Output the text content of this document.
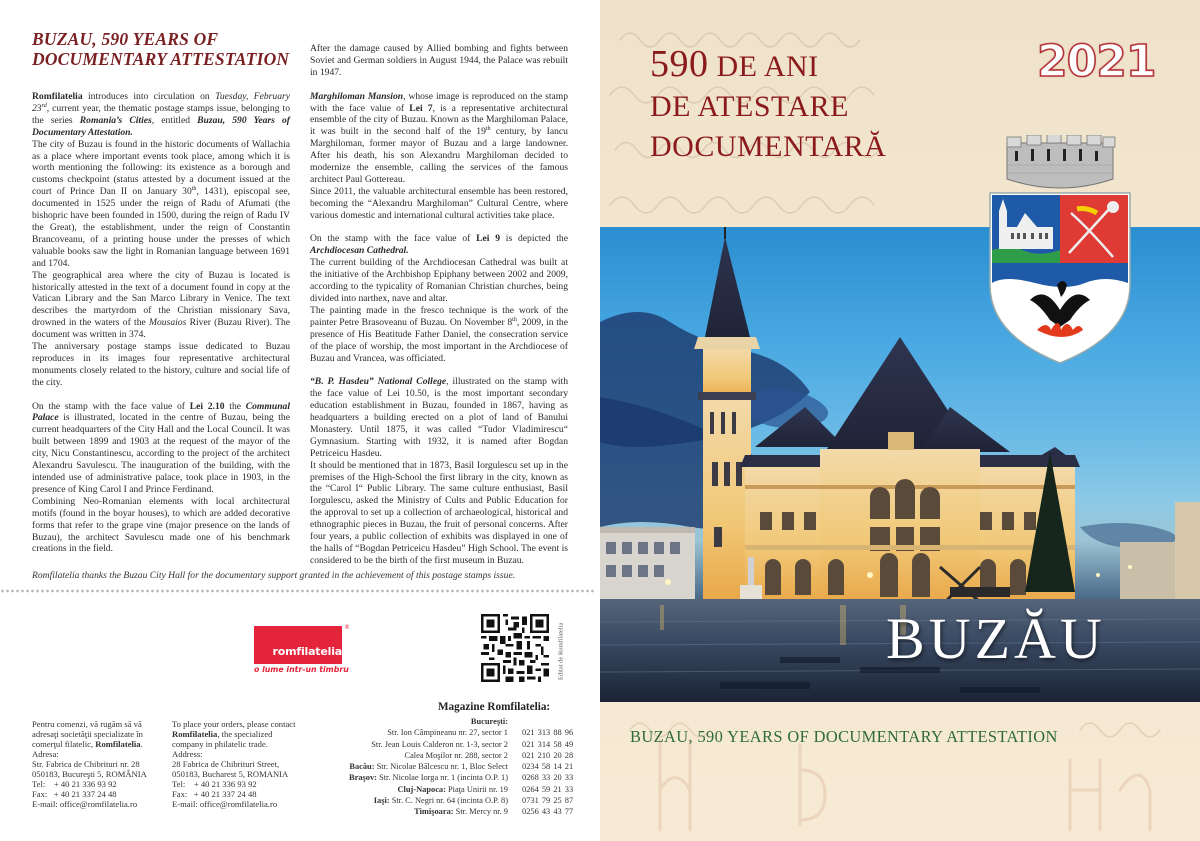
BUZAU, 590 YEARS OF DOCUMENTARY ATTESTATION

Romfilatelia introduces into circulation on Tuesday, February 23rd, current year, the thematic postage stamps issue, belonging to the series Romania’s Cities, entitled Buzau, 590 Years of Documentary Attestation.

The city of Buzau is found in the historic documents of Wallachia as a place where important events took place, among which it is worth mentioning the following: its existence as a borough and customs checkpoint (status attested by a document issued at the court of Prince Dan II on January 30th, 1431), episcopal see, documented in 1525 under the reign of Radu of Afumati (the bishopric have been founded in 1500, during the reign of Radu IV the Great), the establishment, under the reign of Constantin Brancoveanu, of a printing house under the presses of which valuable books saw the light in Romanian language between 1691 and 1704.

The geographical area where the city of Buzau is located is historically attested in the text of a document found in copy at the Vatican Library and the San Marco Library in Venice. The text describes the martyrdom of the Christian missionary Sava, drowned in the waters of the Mousaios River (Buzau River). The document was written in 374.

The anniversary postage stamps issue dedicated to Buzau reproduces in its images four representative architectural monuments closely related to the history, culture and social life of the city.

On the stamp with the face value of Lei 2.10 the Communal Palace is illustrated, located in the centre of Buzau, being the current headquarters of the City Hall and the Local Council. It was built between 1899 and 1903 at the request of the mayor of the city, Nicu Constantinescu, according to the project of the architect Alexandru Savulescu. The inauguration of the building, with the intended use of administrative palace, took place in 1903, in the presence of King Carol I and Prince Ferdinand.

Combining Neo-Romanian elements with local architectural motifs (found in the boyar houses), to which are added decorative forms that refer to the grape vine (major presence on the lands of Buzau), the architect Savulescu made one of his benchmark creations in the field.

After the damage caused by Allied bombing and fights between Soviet and German soldiers in August 1944, the Palace was rebuilt in 1947.

Marghiloman Mansion, whose image is reproduced on the stamp with the face value of Lei 7, is a representative architectural ensemble of the city of Buzau. Known as the Marghiloman Palace, it was built in the second half of the 19th century, by Iancu Marghiloman, former mayor of Buzau and a large landowner. After his death, his son Alexandru Marghiloman decided to modernize the ensemble, calling the services of the famous architect Paul Gottereau.

Since 2011, the valuable architectural ensemble has been restored, becoming the “Alexandru Marghiloman” Cultural Centre, where various domestic and international cultural activities take place.

On the stamp with the face value of Lei 9 is depicted the Archdiocesan Cathedral.

The current building of the Archdiocesan Cathedral was built at the initiative of the Archbishop Epiphany between 2002 and 2009, according to the typicality of Romanian Christian churches, being divided into narthex, nave and altar.

The painting made in the fresco technique is the work of the painter Petre Brasoveanu of Buzau. On November 8th, 2009, in the presence of His Beatitude Father Daniel, the consecration service of the place of worship, the most important in the Archdiocese of Buzau and Vrancea, was officiated.

“B. P. Hasdeu” National College, illustrated on the stamp with the face value of Lei 10.50, is the most important secondary education establishment in Buzau, founded in 1867, having as headquarters a building erected on a plot of land of Banului Monastery. Until 1875, it was called “Tudor Vladimirescu“ Gymnasium. Starting with 1932, it is named after Bogdan Petriceicu Hasdeu.

It should be mentioned that in 1873, Basil Iorgulescu set up in the premises of the High-School the first library in the city, known as the “Carol I“ Public Library. The same culture enthusiast, Basil Iorgulescu, asked the Ministry of Cults and Public Education for the approval to set up a collection of archaeological, historical and ethnographic pieces in Buzau, the fruit of personal concerns. After four years, a public collection of exhibits was displayed in one of the halls of “Bogdan Petriceicu Hasdeu” High School. The event is considered to be the birth of the first museum in Buzau.

Romfilatelia thanks the Buzau City Hall for the documentary support granted in the achievement of this postage stamps issue.
romfilatelia
®
o lume intr-un timbru	Editat de Romfilatelia
Pentru comenzi, vă rugăm să vă
adresaţi societăţii specializate în
comerţul filatelic, Romfilatelia.
Adresa:
Str. Fabrica de Chibrituri nr. 28
050183, Bucureşti 5, ROMÂNIA
Tel:    + 40 21 336 93 92
Fax:   + 40 21 337 24 48
E-mail: office@romfilatelia.ro
To place your orders, please contact
Romfilatelia, the specialized
company in philatelic trade.
Address:
28 Fabrica de Chibrituri Street,
050183, Bucharest 5, ROMANIA
Tel:    + 40 21 336 93 92
Fax:   + 40 21 337 24 48
E-mail: office@romfilatelia.ro
Magazine Romfilatelia:
Bucureşti:
Str. Ion Câmpineanu nr. 27, sector 1 021 313 88 96
Str. Jean Louis Calderon nr. 1-3, sector 2 021 314 58 49
Calea Moşilor nr. 288, sector 2 021 210 20 28
Bacău: Str. Nicolae Bălcescu nr. 1, Bloc Select 0234 58 14 21
Braşov: Str. Nicolae Iorga nr. 1 (incinta O.P. 1) 0268 33 20 33
Cluj-Napoca: Piaţa Unirii nr. 19 0264 59 21 33
Iaşi: Str. C. Negri nr. 64 (incinta O.P. 8) 0731 79 25 87
Timişoara: Str. Mercy nr. 9 0256 43 43 77
590 DE ANI
DE ATESTARE
DOCUMENTARĂ
2021
BUZĂU
BUZAU, 590 YEARS OF DOCUMENTARY ATTESTATION
